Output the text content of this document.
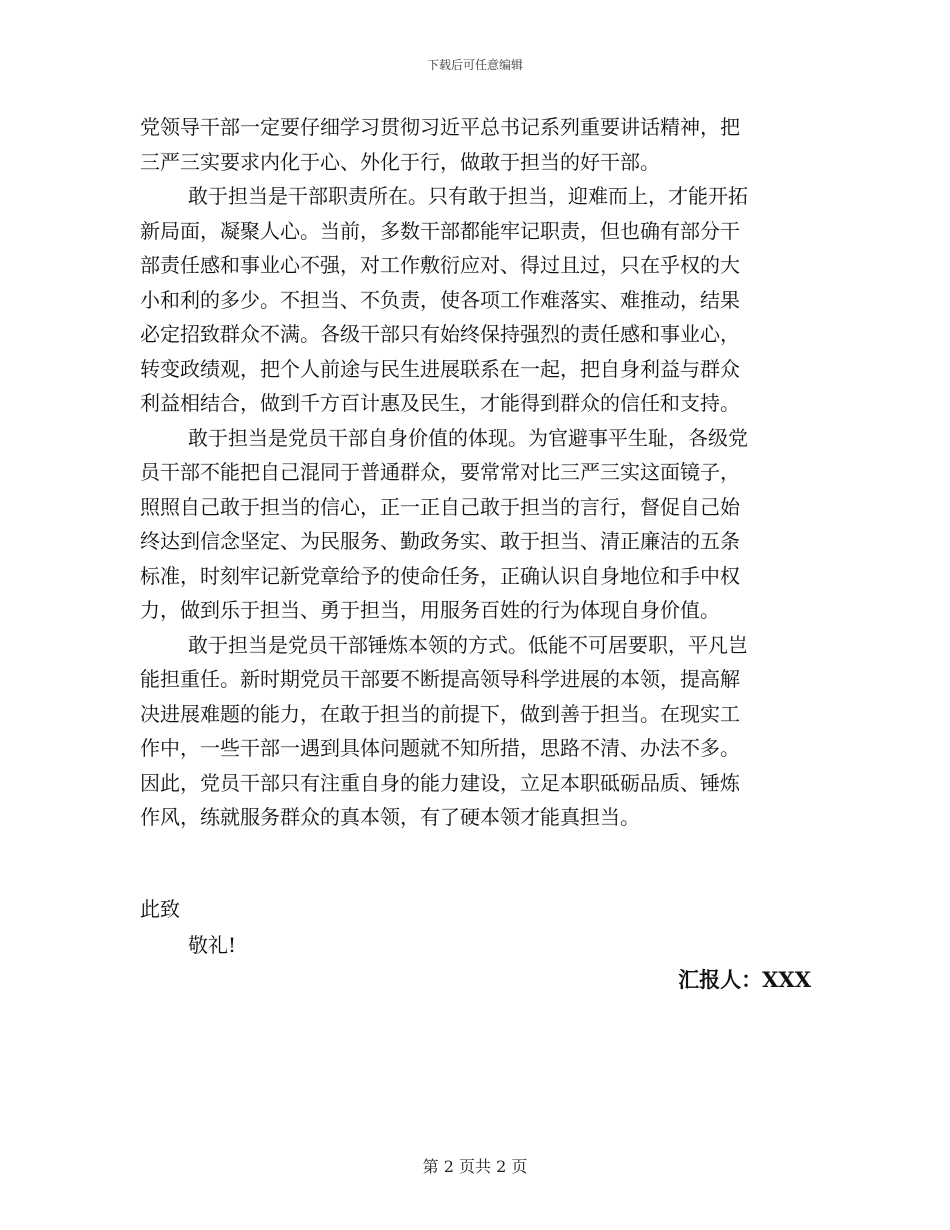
下载后可任意编辑
党领导干部一定要仔细学习贯彻习近平总书记系列重要讲话精神，把
三严三实要求内化于心、外化于行，做敢于担当的好干部。
敢于担当是干部职责所在。只有敢于担当，迎难而上，才能开拓
新局面，凝聚人心。当前，多数干部都能牢记职责，但也确有部分干
部责任感和事业心不强，对工作敷衍应对、得过且过，只在乎权的大
小和利的多少。不担当、不负责，使各项工作难落实、难推动，结果
必定招致群众不满。各级干部只有始终保持强烈的责任感和事业心，
转变政绩观，把个人前途与民生进展联系在一起，把自身利益与群众
利益相结合，做到千方百计惠及民生，才能得到群众的信任和支持。
敢于担当是党员干部自身价值的体现。为官避事平生耻，各级党
员干部不能把自己混同于普通群众，要常常对比三严三实这面镜子，
照照自己敢于担当的信心，正一正自己敢于担当的言行，督促自己始
终达到信念坚定、为民服务、勤政务实、敢于担当、清正廉洁的五条
标准，时刻牢记新党章给予的使命任务，正确认识自身地位和手中权
力，做到乐于担当、勇于担当，用服务百姓的行为体现自身价值。
敢于担当是党员干部锤炼本领的方式。低能不可居要职，平凡岂
能担重任。新时期党员干部要不断提高领导科学进展的本领，提高解
决进展难题的能力，在敢于担当的前提下，做到善于担当。在现实工
作中，一些干部一遇到具体问题就不知所措，思路不清、办法不多。
因此，党员干部只有注重自身的能力建设，立足本职砥砺品质、锤炼
作风，练就服务群众的真本领，有了硬本领才能真担当。
此致
敬礼!
汇报人：XXX
第 2 页共 2 页
